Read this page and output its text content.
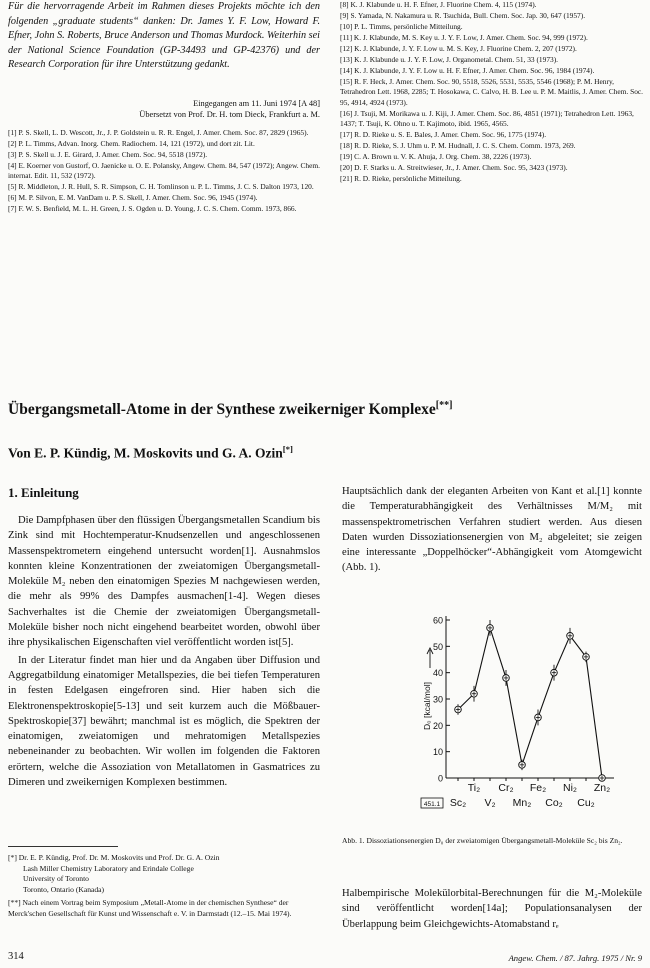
Für die hervorragende Arbeit im Rahmen dieses Projekts möchte ich den folgenden „graduate students“ danken: Dr. James Y. F. Low, Howard F. Efner, John S. Roberts, Bruce Anderson und Thomas Murdock. Weiterhin sei der National Science Foundation (GP-34493 und GP-42376) und der Research Corporation für ihre Unterstützung gedankt.
Eingegangen am 11. Juni 1974 [A 48]
Übersetzt von Prof. Dr. H. tom Dieck, Frankfurt a. M.
[1] P. S. Skell, L. D. Wescott, Jr., J. P. Goldstein u. R. R. Engel, J. Amer. Chem. Soc. 87, 2829 (1965).
[2] P. L. Timms, Advan. Inorg. Chem. Radiochem. 14, 121 (1972), und dort zit. Lit.
[3] P. S. Skell u. J. E. Girard, J. Amer. Chem. Soc. 94, 5518 (1972).
[4] E. Koerner von Gustorf, O. Jaenicke u. O. E. Polansky, Angew. Chem. 84, 547 (1972); Angew. Chem. internat. Edit. 11, 532 (1972).
[5] R. Middleton, J. R. Hull, S. R. Simpson, C. H. Tomlinson u. P. L. Timms, J. C. S. Dalton 1973, 120.
[6] M. P. Silvon, E. M. VanDam u. P. S. Skell, J. Amer. Chem. Soc. 96, 1945 (1974).
[7] F. W. S. Benfield, M. L. H. Green, J. S. Ogden u. D. Young, J. C. S. Chem. Comm. 1973, 866.
[8] K. J. Klabunde u. H. F. Efner, J. Fluorine Chem. 4, 115 (1974).
[9] S. Yamada, N. Nakamura u. R. Tsuchida, Bull. Chem. Soc. Jap. 30, 647 (1957).
[10] P. L. Timms, persönliche Mitteilung.
[11] K. J. Klabunde, M. S. Key u. J. Y. F. Low, J. Amer. Chem. Soc. 94, 999 (1972).
[12] K. J. Klabunde, J. Y. F. Low u. M. S. Key, J. Fluorine Chem. 2, 207 (1972).
[13] K. J. Klabunde u. J. Y. F. Low, J. Organometal. Chem. 51, 33 (1973).
[14] K. J. Klabunde, J. Y. F. Low u. H. F. Efner, J. Amer. Chem. Soc. 96, 1984 (1974).
[15] R. F. Heck, J. Amer. Chem. Soc. 90, 5518, 5526, 5531, 5535, 5546 (1968); P. M. Henry, Tetrahedron Lett. 1968, 2285; T. Hosokawa, C. Calvo, H. B. Lee u. P. M. Maitlis, J. Amer. Chem. Soc. 95, 4914, 4924 (1973).
[16] J. Tsuji, M. Morikawa u. J. Kiji, J. Amer. Chem. Soc. 86, 4851 (1971); Tetrahedron Lett. 1963, 1437; T. Tsuji, K. Ohno u. T. Kajimoto, ibid. 1965, 4565.
[17] R. D. Rieke u. S. E. Bales, J. Amer. Chem. Soc. 96, 1775 (1974).
[18] R. D. Rieke, S. J. Uhm u. P. M. Hudnall, J. C. S. Chem. Comm. 1973, 269.
[19] C. A. Brown u. V. K. Ahuja, J. Org. Chem. 38, 2226 (1973).
[20] D. F. Starks u. A. Streitwieser, Jr., J. Amer. Chem. Soc. 95, 3423 (1973).
[21] R. D. Rieke, persönliche Mitteilung.
Übergangsmetall-Atome in der Synthese zweikerniger Komplexe[**]
Von E. P. Kündig, M. Moskovits und G. A. Ozin[*]
1. Einleitung

Die Dampfphasen über den flüssigen Übergangsmetallen Scandium bis Zink sind mit Hochtemperatur-Knudsenzellen und angeschlossenen Massenspektrometern eingehend untersucht worden[1]. Ausnahmslos konnten kleine Konzentrationen der zweiatomigen Übergangsmetall-Moleküle M₂ neben den einatomigen Spezies M nachgewiesen werden, die mehr als 99% des Dampfes ausmachen[1-4]. Wegen dieses Sachverhaltes ist die Chemie der zweiatomigen Übergangsmetall-Moleküle bisher noch nicht eingehend bearbeitet worden, obwohl über ihre physikalischen Eigenschaften viel veröffentlicht worden ist[5].

In der Literatur findet man hier und da Angaben über Diffusion und Aggregatbildung einatomiger Metallspezies, die bei tiefen Temperaturen in festen Edelgasen eingefroren sind. Hier haben sich die Elektronenspektroskopie[5-13] und seit kurzem auch die Mößbauer-Spektroskopie[37] bewährt; manchmal ist es möglich, die Spektren der einatomigen, zweiatomigen und mehratomigen Metallspezies nebeneinander zu beobachten. Wir wollen im folgenden die Faktoren erörtern, welche die Assoziation von Metallatomen in Gasmatrices zu Dimeren und zweikernigen Komplexen bestimmen.

[*] Dr. E. P. Kündig, Prof. Dr. M. Moskovits und Prof. Dr. G. A. Ozin
Lash Miller Chemistry Laboratory and Erindale College
University of Toronto
Toronto, Ontario (Kanada)
[**] Nach einem Vortrag beim Symposium „Metall-Atome in der chemischen Synthese“ der Merck'schen Gesellschaft für Kunst und Wissenschaft e. V. in Darmstadt (12.–15. Mai 1974).
Hauptsächlich dank der eleganten Arbeiten von Kant et al.[1] konnte die Temperaturabhängigkeit des Verhältnisses M/M₂ mit massenspektrometrischen Verfahren studiert werden. Aus diesen Daten wurden Dissoziationsenergien von M₂ abgeleitet; sie zeigen eine interessante „Doppelhöcker“-Abhängigkeit vom Atomgewicht (Abb. 1).
0
10
20
30
40
50
60
D₀ [kcal/mol]
Sc₂ V₂ Mn₂ Co₂ Cu₂
Ti₂ Cr₂ Fe₂ Ni₂ Zn₂
451.1
Abb. 1. Dissoziationsenergien D₀ der zweiatomigen Übergangsmetall-Moleküle Sc₂ bis Zn₂.
Halbempirische Molekülorbital-Berechnungen für die M₂-Moleküle sind veröffentlicht worden[14a]; Populationsanalysen der Überlappung beim Gleichgewichts-Atomabstand rₑ
314	Angew. Chem. / 87. Jahrg. 1975 / Nr. 9
